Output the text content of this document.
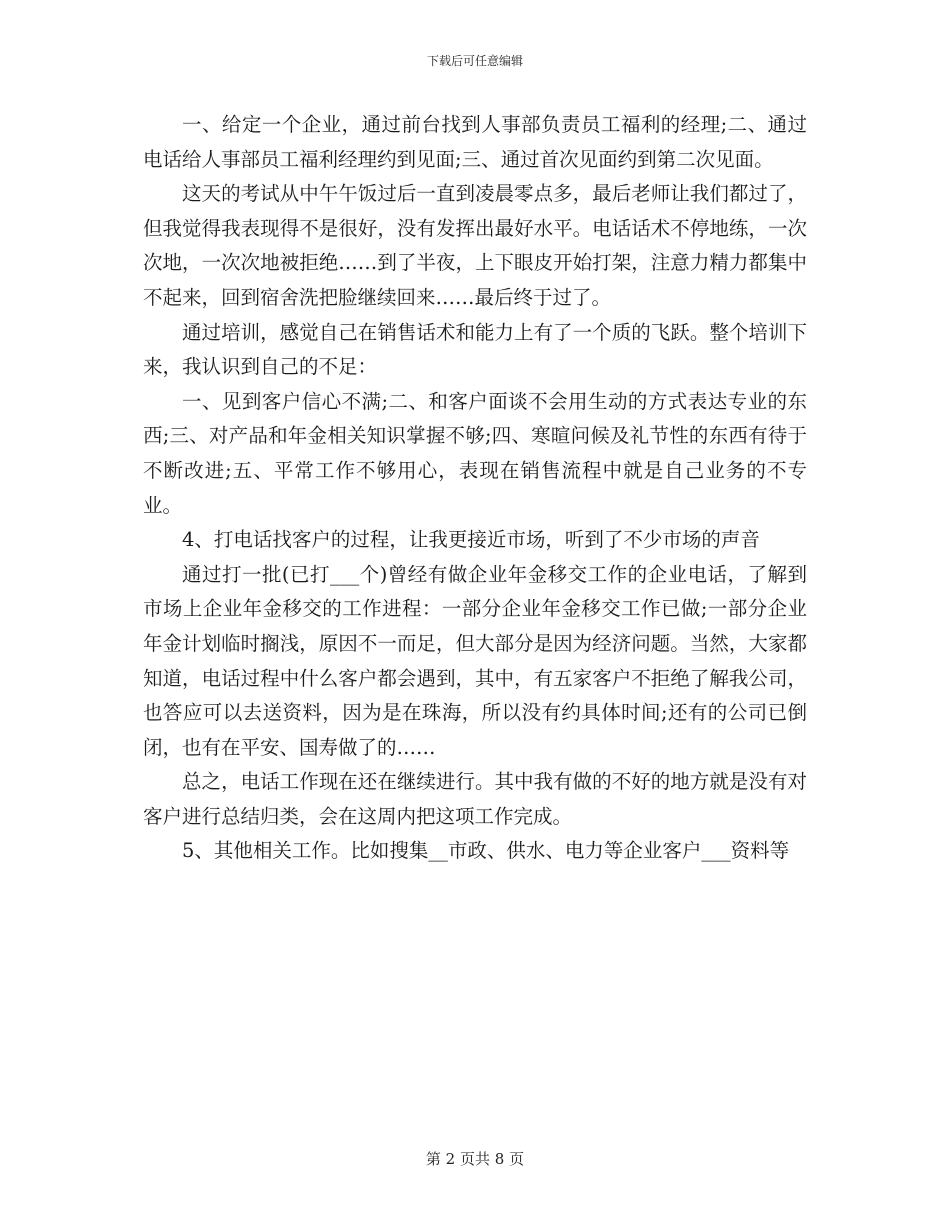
下载后可任意编辑

一、给定一个企业，通过前台找到人事部负责员工福利的经理;二、通过电话给人事部员工福利经理约到见面;三、通过首次见面约到第二次见面。

这天的考试从中午午饭过后一直到凌晨零点多，最后老师让我们都过了，但我觉得我表现得不是很好，没有发挥出最好水平。电话话术不停地练，一次次地，一次次地被拒绝……到了半夜，上下眼皮开始打架，注意力精力都集中不起来，回到宿舍洗把脸继续回来……最后终于过了。

通过培训，感觉自己在销售话术和能力上有了一个质的飞跃。整个培训下来，我认识到自己的不足：

一、见到客户信心不满;二、和客户面谈不会用生动的方式表达专业的东西;三、对产品和年金相关知识掌握不够;四、寒暄问候及礼节性的东西有待于不断改进;五、平常工作不够用心，表现在销售流程中就是自己业务的不专业。

4、打电话找客户的过程，让我更接近市场，听到了不少市场的声音

通过打一批(已打___个)曾经有做企业年金移交工作的企业电话，了解到市场上企业年金移交的工作进程：一部分企业年金移交工作已做;一部分企业年金计划临时搁浅，原因不一而足，但大部分是因为经济问题。当然，大家都知道，电话过程中什么客户都会遇到，其中，有五家客户不拒绝了解我公司，也答应可以去送资料，因为是在珠海，所以没有约具体时间;还有的公司已倒闭，也有在平安、国寿做了的……

总之，电话工作现在还在继续进行。其中我有做的不好的地方就是没有对客户进行总结归类，会在这周内把这项工作完成。

5、其他相关工作。比如搜集__市政、供水、电力等企业客户___资料等

第 2 页共 8 页
